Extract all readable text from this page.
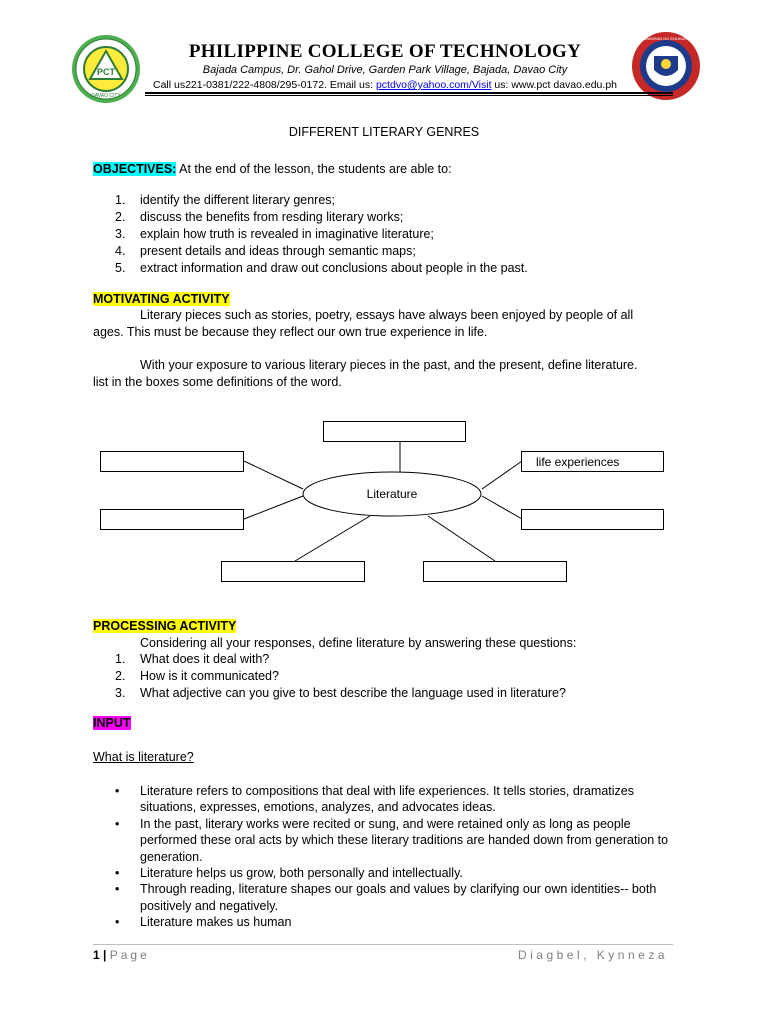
PCT
DAVAO CITY
KAGAWARAN NG EDUKASYON
PHILIPPINE COLLEGE OF TECHNOLOGY
Bajada Campus, Dr. Gahol Drive, Garden Park Village, Bajada, Davao City
Call us221-0381/222-4808/295-0172. Email us: pctdvo@yahoo.com/Visit us: www.pct davao.edu.ph
DIFFERENT LITERARY GENRES
OBJECTIVES: At the end of the lesson, the students are able to:
1. identify the different literary genres;
2. discuss the benefits from resding literary works;
3. explain how truth is revealed in imaginative literature;
4. present details and ideas through semantic maps;
5. extract information and draw out conclusions about people in the past.
MOTIVATING ACTIVITY
Literary pieces such as stories, poetry, essays have always been enjoyed by people of all
ages. This must be because they reflect our own true experience in life.
With your exposure to various literary pieces in the past, and the present, define literature.
list in the boxes some definitions of the word.
Literature
life experiences
PROCESSING ACTIVITY
Considering all your responses, define literature by answering these questions:
1. What does it deal with?
2. How is it communicated?
3. What adjective can you give to best describe the language used in literature?
INPUT
What is literature?
• Literature refers to compositions that deal with life experiences. It tells stories, dramatizes situations, expresses, emotions, analyzes, and advocates ideas.
• In the past, literary works were recited or sung, and were retained only as long as people performed these oral acts by which these literary traditions are handed down from generation to generation.
• Literature helps us grow, both personally and intellectually.
• Through reading, literature shapes our goals and values by clarifying our own identities-- both positively and negatively.
• Literature makes us human
1 | Page	Diagbel, Kynneza
